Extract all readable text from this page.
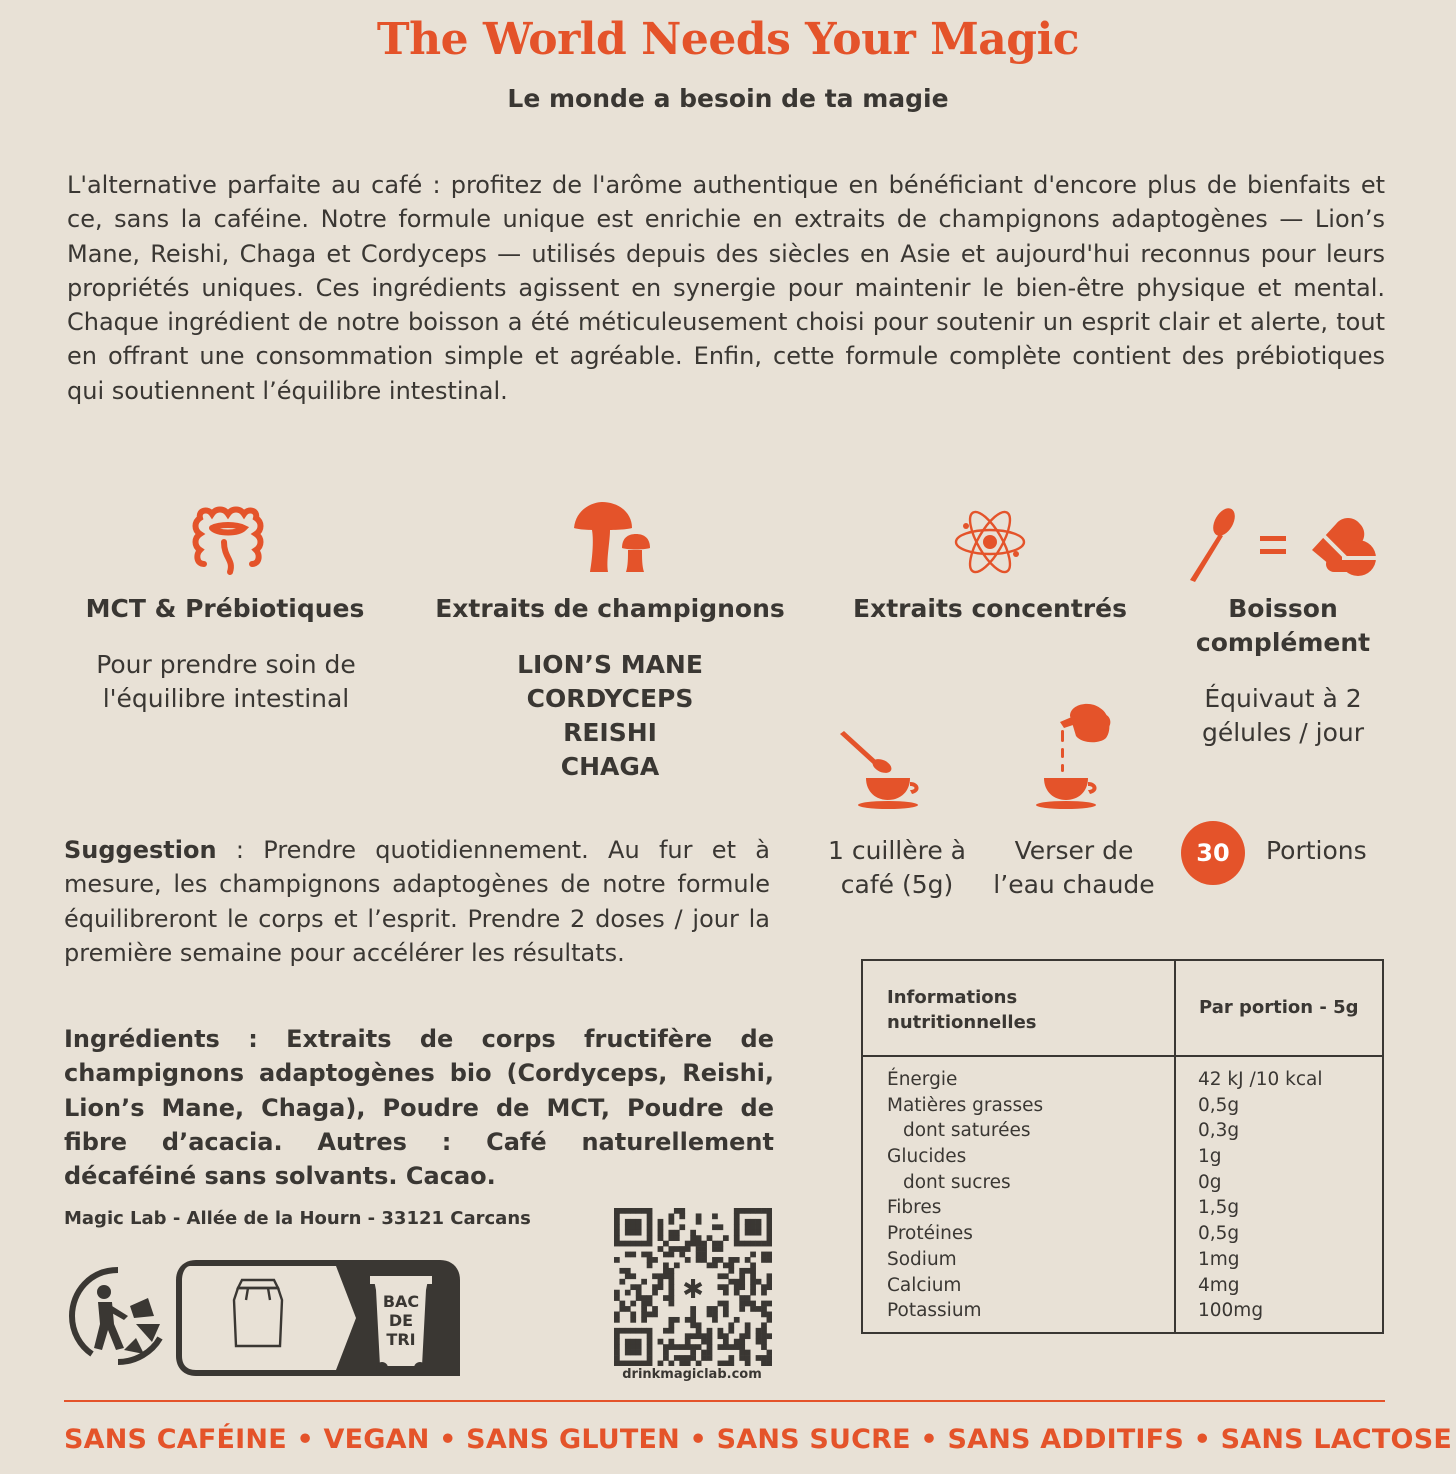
The World Needs Your Magic
Le monde a besoin de ta magie
L'alternative parfaite au café : profitez de l'arôme authentique en bénéficiant d'encore plus de bienfaits et ce, sans la caféine. Notre formule unique est enrichie en extraits de champignons adaptogènes — Lion’s Mane, Reishi, Chaga et Cordyceps — utilisés depuis des siècles en Asie et aujourd'hui reconnus pour leurs propriétés uniques. Ces ingrédients agissent en synergie pour maintenir le bien-être physique et mental. Chaque ingrédient de notre boisson a été méticuleusement choisi pour soutenir un esprit clair et alerte, tout en offrant une consommation simple et agréable. Enfin, cette formule complète contient des prébiotiques qui soutiennent l’équilibre intestinal.
MCT & Prébiotiques	Extraits de champignons	Extraits concentrés	Boisson
complément
Pour prendre soin de l'équilibre intestinal
LION’S MANE
CORDYCEPS
REISHI
CHAGA
Équivaut à 2 gélules / jour
1 cuillère à
café (5g)
Verser de
l’eau chaude
30	Portions
Suggestion : Prendre quotidiennement. Au fur et à mesure, les champignons adaptogènes de notre formule équilibreront le corps et l’esprit. Prendre 2 doses / jour la première semaine pour accélérer les résultats.
Ingrédients : Extraits de corps fructifère de champignons adaptogènes bio (Cordyceps, Reishi, Lion’s Mane, Chaga), Poudre de MCT, Poudre de fibre d’acacia. Autres : Café naturellement décaféiné sans solvants. Cacao.
Magic Lab - Allée de la Hourn - 33121 Carcans
BAC
DE
TRI
✱
drinkmagiclab.com
Informations
nutritionnelles
Par portion - 5g
Énergie	42 kJ /10 kcal
Matières grasses	0,5g
dont saturées	0,3g
Glucides	1g
dont sucres	0g
Fibres	1,5g
Protéines	0,5g
Sodium	1mg
Calcium	4mg
Potassium	100mg
SANS CAFÉINE • VEGAN • SANS GLUTEN • SANS SUCRE • SANS ADDITIFS • SANS LACTOSE
